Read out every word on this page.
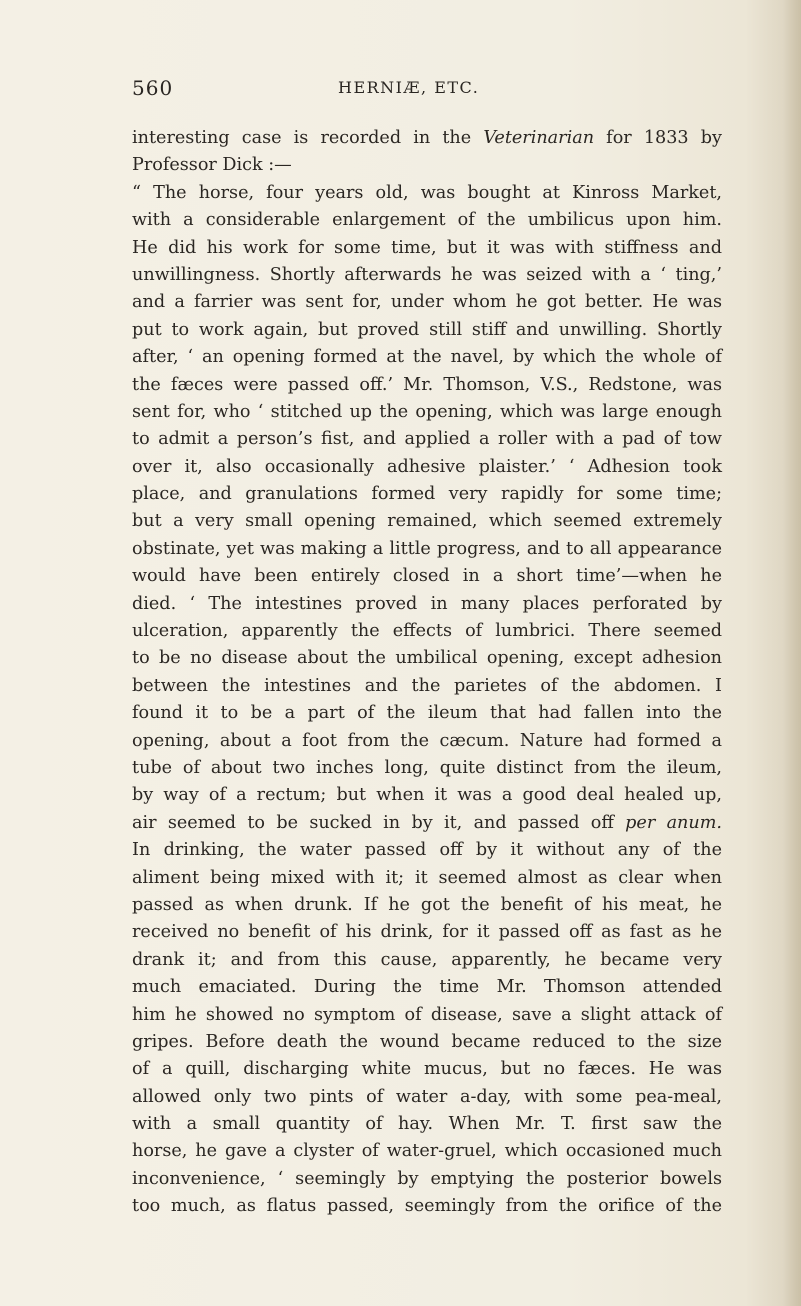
560	HERNIÆ, ETC.
interesting case is recorded in the Veterinarian for 1833 by
Professor Dick :—
“ The horse, four years old, was bought at Kinross Market,
with a considerable enlargement of the umbilicus upon him.
He did his work for some time, but it was with stiffness and
unwillingness. Shortly afterwards he was seized with a ‘ ting,’
and a farrier was sent for, under whom he got better. He was
put to work again, but proved still stiff and unwilling. Shortly
after, ‘ an opening formed at the navel, by which the whole of
the fæces were passed off.’ Mr. Thomson, V.S., Redstone, was
sent for, who ‘ stitched up the opening, which was large enough
to admit a person’s fist, and applied a roller with a pad of tow
over it, also occasionally adhesive plaister.’ ‘ Adhesion took
place, and granulations formed very rapidly for some time;
but a very small opening remained, which seemed extremely
obstinate, yet was making a little progress, and to all appearance
would have been entirely closed in a short time’—when he
died. ‘ The intestines proved in many places perforated by
ulceration, apparently the effects of lumbrici. There seemed
to be no disease about the umbilical opening, except adhesion
between the intestines and the parietes of the abdomen. I
found it to be a part of the ileum that had fallen into the
opening, about a foot from the cæcum. Nature had formed a
tube of about two inches long, quite distinct from the ileum,
by way of a rectum; but when it was a good deal healed up,
air seemed to be sucked in by it, and passed off per anum.
In drinking, the water passed off by it without any of the
aliment being mixed with it; it seemed almost as clear when
passed as when drunk. If he got the benefit of his meat, he
received no benefit of his drink, for it passed off as fast as he
drank it; and from this cause, apparently, he became very
much emaciated. During the time Mr. Thomson attended
him he showed no symptom of disease, save a slight attack of
gripes. Before death the wound became reduced to the size
of a quill, discharging white mucus, but no fæces. He was
allowed only two pints of water a-day, with some pea-meal,
with a small quantity of hay. When Mr. T. first saw the
horse, he gave a clyster of water-gruel, which occasioned much
inconvenience, ‘ seemingly by emptying the posterior bowels
too much, as flatus passed, seemingly from the orifice of the
